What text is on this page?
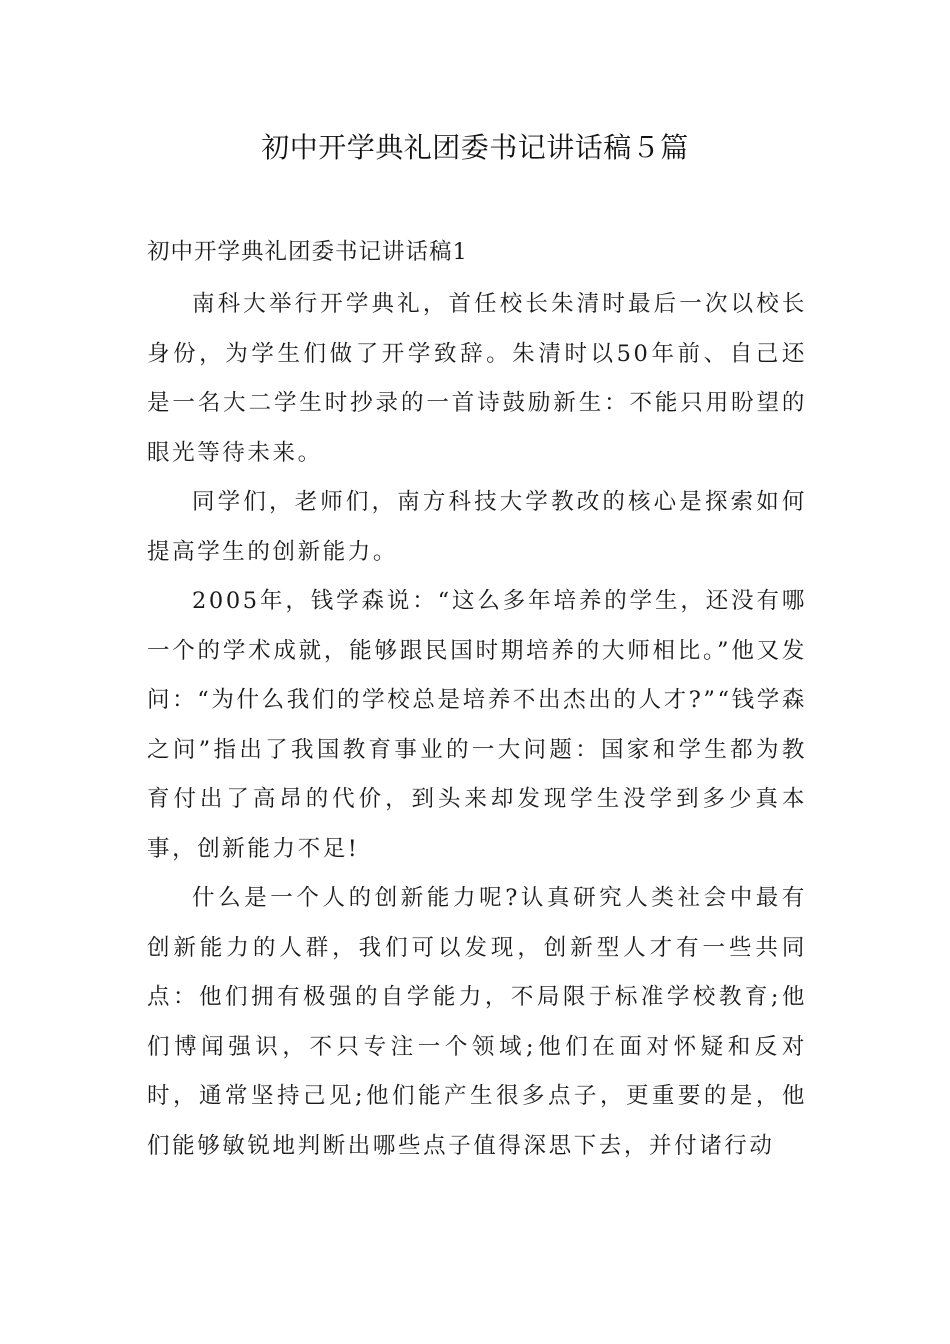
初中开学典礼团委书记讲话稿５篇
初中开学典礼团委书记讲话稿1

南科大举行开学典礼，首任校长朱清时最后一次以校长身份，为学生们做了开学致辞。朱清时以50年前、自己还是一名大二学生时抄录的一首诗鼓励新生：不能只用盼望的眼光等待未来。

同学们，老师们，南方科技大学教改的核心是探索如何提高学生的创新能力。

2005年，钱学森说：“这么多年培养的学生，还没有哪一个的学术成就，能够跟民国时期培养的大师相比。”他又发问：“为什么我们的学校总是培养不出杰出的人才?”“钱学森之问”指出了我国教育事业的一大问题：国家和学生都为教育付出了高昂的代价，到头来却发现学生没学到多少真本事，创新能力不足!

什么是一个人的创新能力呢?认真研究人类社会中最有创新能力的人群，我们可以发现，创新型人才有一些共同点：他们拥有极强的自学能力，不局限于标准学校教育;他们博闻强识，不只专注一个领域;他们在面对怀疑和反对时，通常坚持己见;他们能产生很多点子，更重要的是，他们能够敏锐地判断出哪些点子值得深思下去，并付诸行动
